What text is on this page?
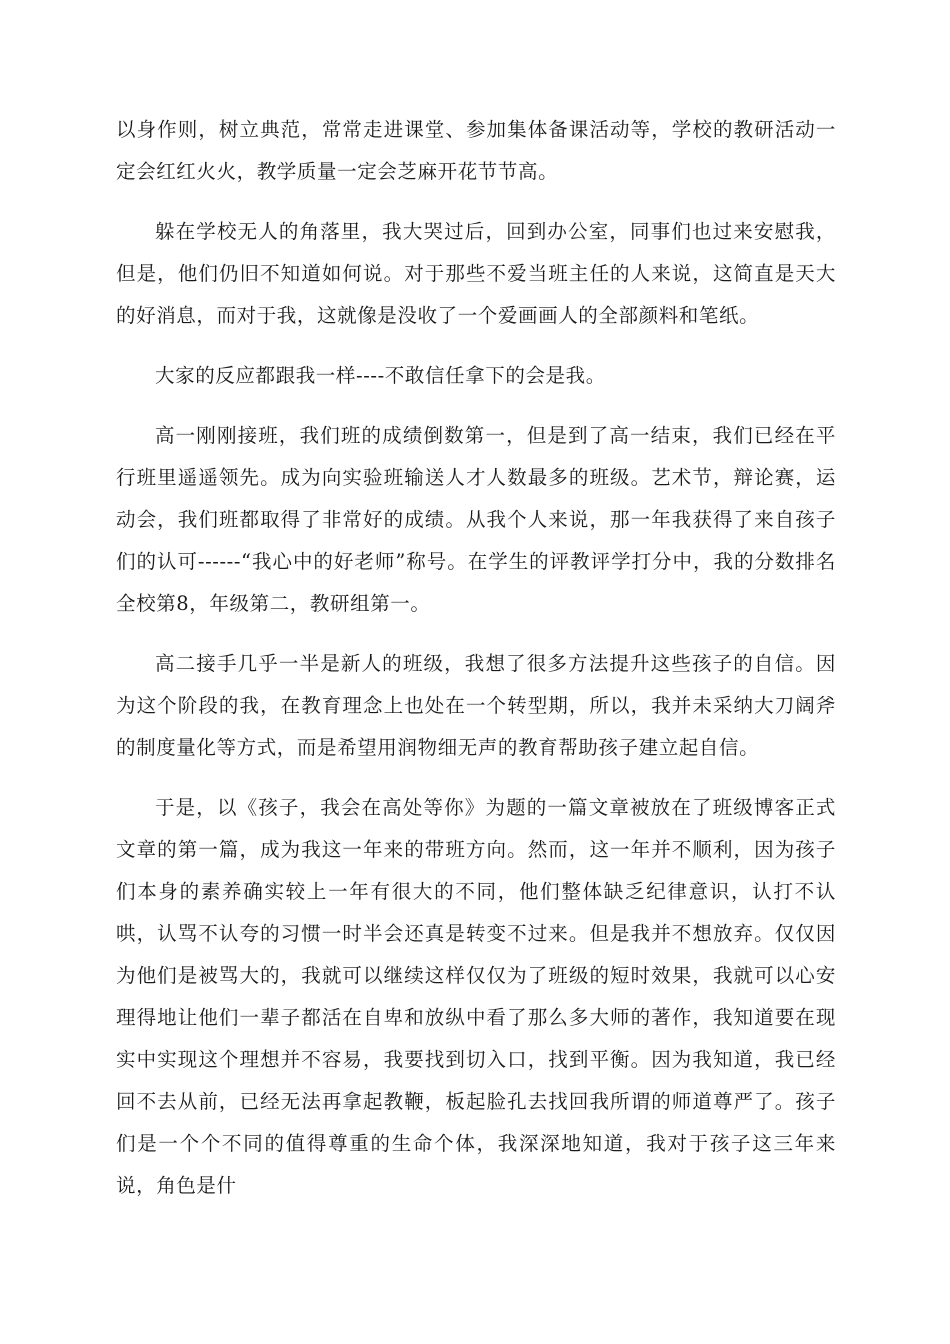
以身作则，树立典范，常常走进课堂、参加集体备课活动等，学校的教研活动一定会红红火火，教学质量一定会芝麻开花节节高。

躲在学校无人的角落里，我大哭过后，回到办公室，同事们也过来安慰我，但是，他们仍旧不知道如何说。对于那些不爱当班主任的人来说，这简直是天大的好消息，而对于我，这就像是没收了一个爱画画人的全部颜料和笔纸。

大家的反应都跟我一样----不敢信任拿下的会是我。

高一刚刚接班，我们班的成绩倒数第一，但是到了高一结束，我们已经在平行班里遥遥领先。成为向实验班输送人才人数最多的班级。艺术节，辩论赛，运动会，我们班都取得了非常好的成绩。从我个人来说，那一年我获得了来自孩子们的认可------“我心中的好老师”称号。在学生的评教评学打分中，我的分数排名全校第8，年级第二，教研组第一。

高二接手几乎一半是新人的班级，我想了很多方法提升这些孩子的自信。因为这个阶段的我，在教育理念上也处在一个转型期，所以，我并未采纳大刀阔斧的制度量化等方式，而是希望用润物细无声的教育帮助孩子建立起自信。

于是，以《孩子，我会在高处等你》为题的一篇文章被放在了班级博客正式文章的第一篇，成为我这一年来的带班方向。然而，这一年并不顺利，因为孩子们本身的素养确实较上一年有很大的不同，他们整体缺乏纪律意识，认打不认哄，认骂不认夸的习惯一时半会还真是转变不过来。但是我并不想放弃。仅仅因为他们是被骂大的，我就可以继续这样仅仅为了班级的短时效果，我就可以心安理得地让他们一辈子都活在自卑和放纵中看了那么多大师的著作，我知道要在现实中实现这个理想并不容易，我要找到切入口，找到平衡。因为我知道，我已经回不去从前，已经无法再拿起教鞭，板起脸孔去找回我所谓的师道尊严了。孩子们是一个个不同的值得尊重的生命个体，我深深地知道，我对于孩子这三年来说，角色是什
